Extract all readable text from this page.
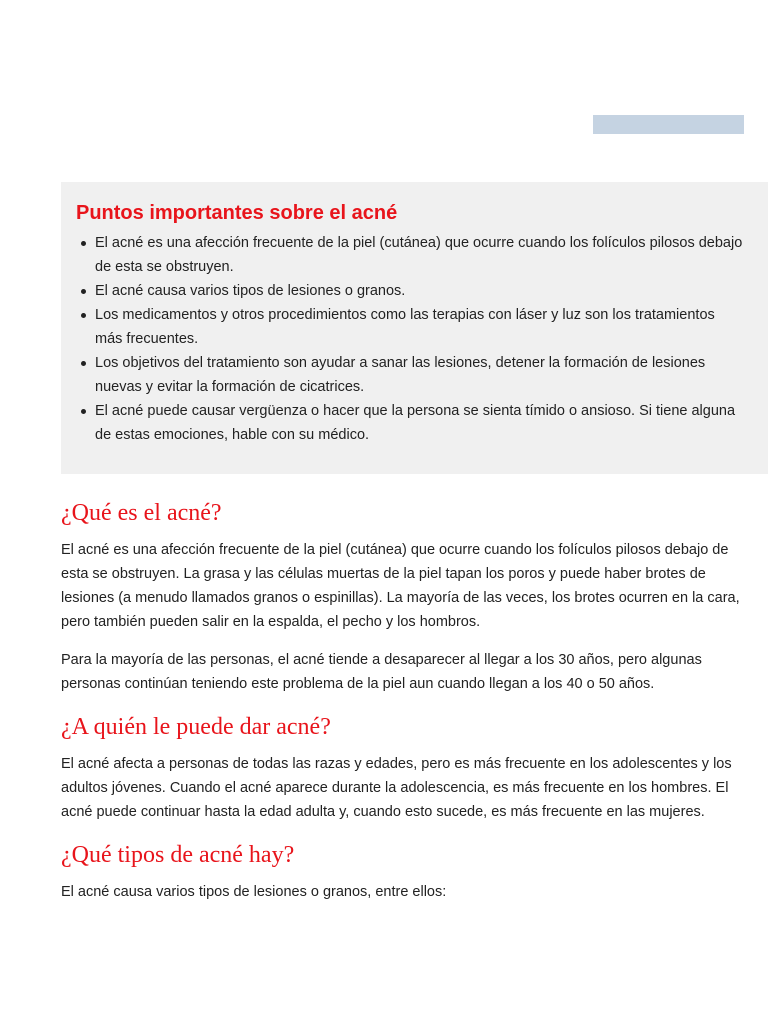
Puntos importantes sobre el acné
El acné es una afección frecuente de la piel (cutánea) que ocurre cuando los folículos pilosos debajo de esta se obstruyen.
El acné causa varios tipos de lesiones o granos.
Los medicamentos y otros procedimientos como las terapias con láser y luz son los tratamientos más frecuentes.
Los objetivos del tratamiento son ayudar a sanar las lesiones, detener la formación de lesiones nuevas y evitar la formación de cicatrices.
El acné puede causar vergüenza o hacer que la persona se sienta tímido o ansioso. Si tiene alguna de estas emociones, hable con su médico.
¿Qué es el acné?

El acné es una afección frecuente de la piel (cutánea) que ocurre cuando los folículos pilosos debajo de esta se obstruyen. La grasa y las células muertas de la piel tapan los poros y puede haber brotes de lesiones (a menudo llamados granos o espinillas). La mayoría de las veces, los brotes ocurren en la cara, pero también pueden salir en la espalda, el pecho y los hombros.

Para la mayoría de las personas, el acné tiende a desaparecer al llegar a los 30 años, pero algunas personas continúan teniendo este problema de la piel aun cuando llegan a los 40 o 50 años.

¿A quién le puede dar acné?

El acné afecta a personas de todas las razas y edades, pero es más frecuente en los adolescentes y los adultos jóvenes. Cuando el acné aparece durante la adolescencia, es más frecuente en los hombres. El acné puede continuar hasta la edad adulta y, cuando esto sucede, es más frecuente en las mujeres.

¿Qué tipos de acné hay?

El acné causa varios tipos de lesiones o granos, entre ellos:
